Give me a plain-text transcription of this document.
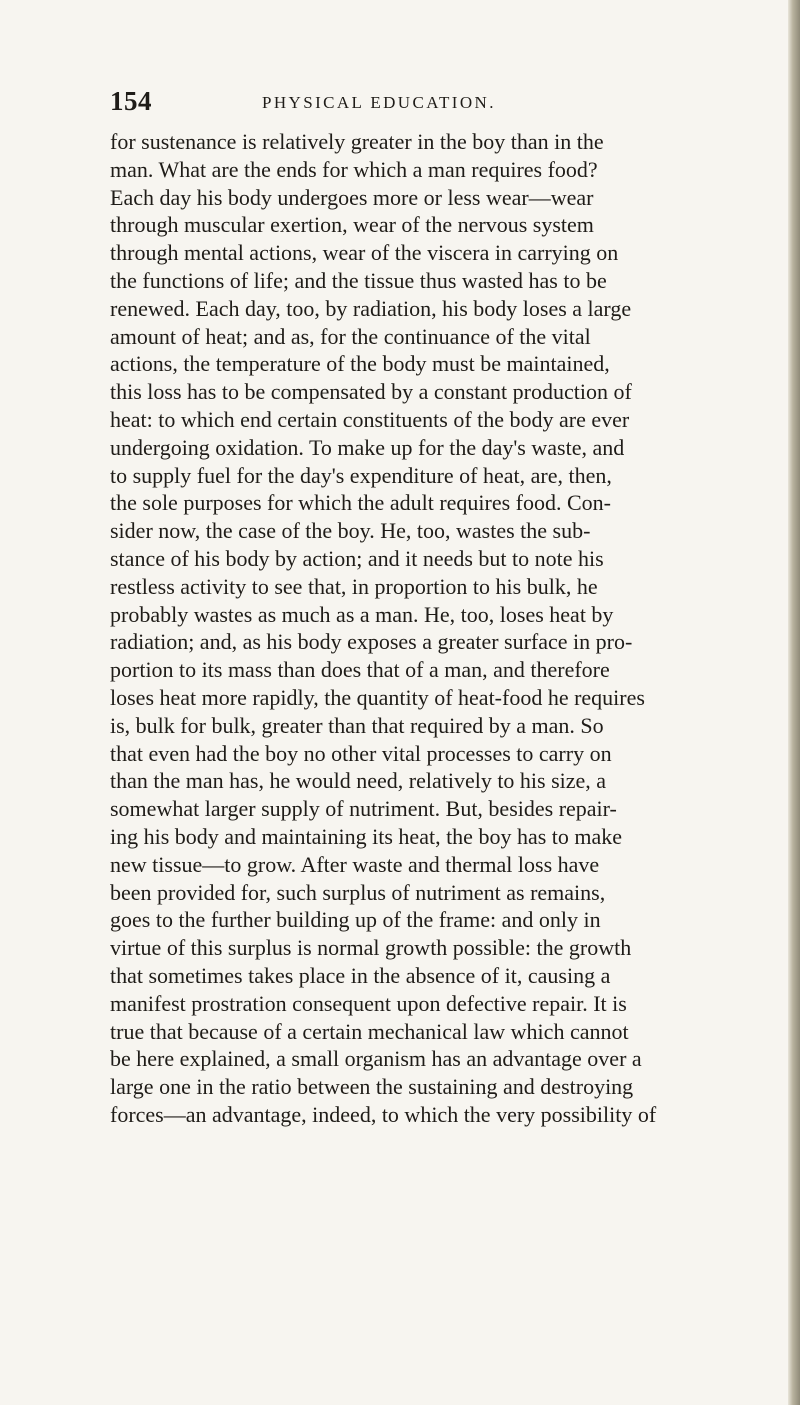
154	PHYSICAL EDUCATION.
for sustenance is relatively greater in the boy than in the
man. What are the ends for which a man requires food?
Each day his body undergoes more or less wear—wear
through muscular exertion, wear of the nervous system
through mental actions, wear of the viscera in carrying on
the functions of life; and the tissue thus wasted has to be
renewed. Each day, too, by radiation, his body loses a large
amount of heat; and as, for the continuance of the vital
actions, the temperature of the body must be maintained,
this loss has to be compensated by a constant production of
heat: to which end certain constituents of the body are ever
undergoing oxidation. To make up for the day's waste, and
to supply fuel for the day's expenditure of heat, are, then,
the sole purposes for which the adult requires food. Con-
sider now, the case of the boy. He, too, wastes the sub-
stance of his body by action; and it needs but to note his
restless activity to see that, in proportion to his bulk, he
probably wastes as much as a man. He, too, loses heat by
radiation; and, as his body exposes a greater surface in pro-
portion to its mass than does that of a man, and therefore
loses heat more rapidly, the quantity of heat-food he requires
is, bulk for bulk, greater than that required by a man. So
that even had the boy no other vital processes to carry on
than the man has, he would need, relatively to his size, a
somewhat larger supply of nutriment. But, besides repair-
ing his body and maintaining its heat, the boy has to make
new tissue—to grow. After waste and thermal loss have
been provided for, such surplus of nutriment as remains,
goes to the further building up of the frame: and only in
virtue of this surplus is normal growth possible: the growth
that sometimes takes place in the absence of it, causing a
manifest prostration consequent upon defective repair. It is
true that because of a certain mechanical law which cannot
be here explained, a small organism has an advantage over a
large one in the ratio between the sustaining and destroying
forces—an advantage, indeed, to which the very possibility of
